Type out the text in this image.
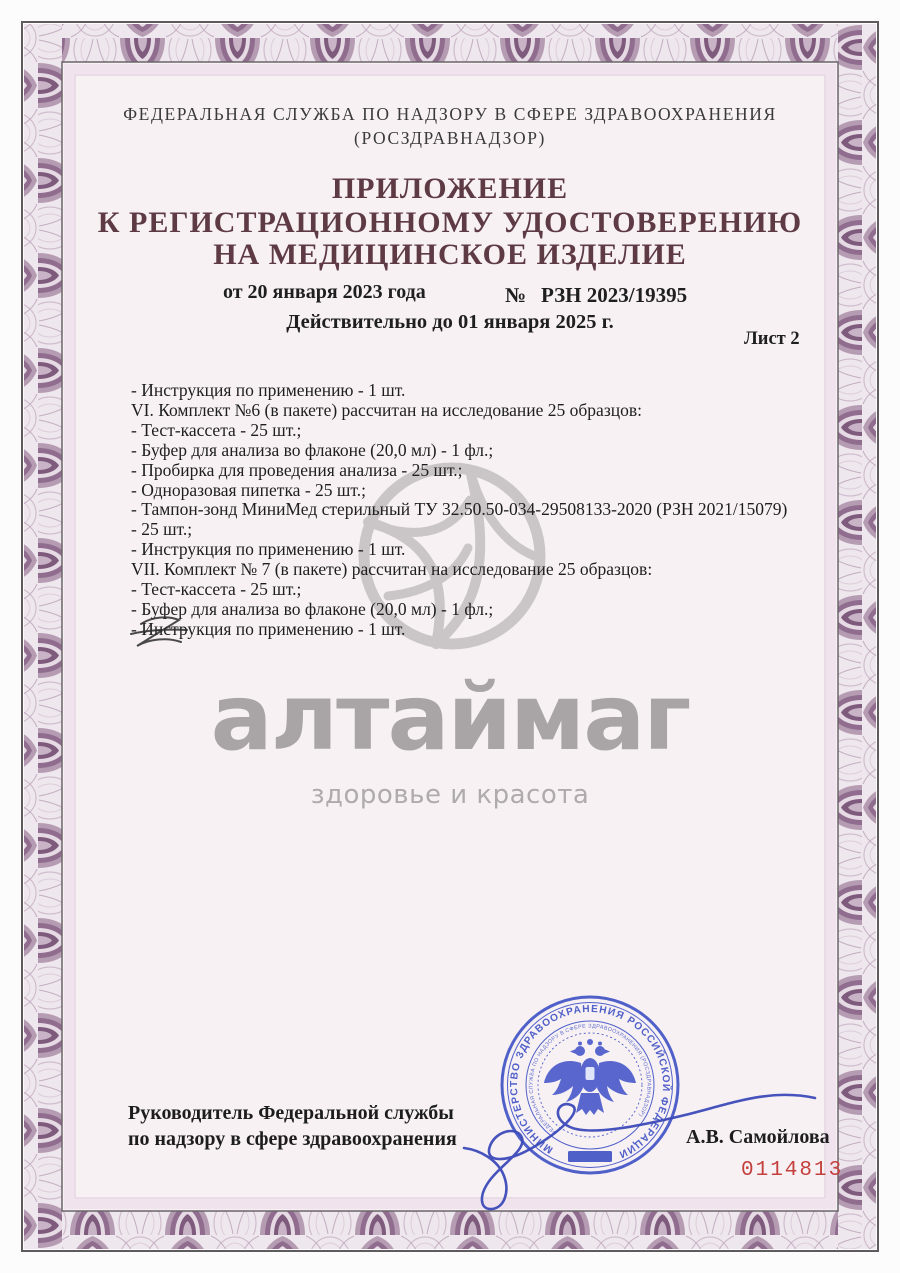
алтаймаг
здоровье и красота
ФЕДЕРАЛЬНАЯ СЛУЖБА ПО НАДЗОРУ В СФЕРЕ ЗДРАВООХРАНЕНИЯ
(РОСЗДРАВНАДЗОР)
ПРИЛОЖЕНИЕ
К РЕГИСТРАЦИОННОМУ УДОСТОВЕРЕНИЮ
НА МЕДИЦИНСКОЕ ИЗДЕЛИЕ
от 20 января 2023 года	№ РЗН 2023/19395
Действительно до 01 января 2025 г.
Лист 2
- Инструкция по применению - 1 шт.
VI. Комплект №6 (в пакете) рассчитан на исследование 25 образцов:
- Тест-кассета - 25 шт.;
- Буфер для анализа во флаконе (20,0 мл) - 1 фл.;
- Пробирка для проведения анализа - 25 шт.;
- Одноразовая пипетка - 25 шт.;
- Тампон-зонд МиниМед стерильный ТУ 32.50.50-034-29508133-2020 (РЗН 2021/15079)
- 25 шт.;
- Инструкция по применению - 1 шт.
VII. Комплект № 7 (в пакете) рассчитан на исследование 25 образцов:
- Тест-кассета - 25 шт.;
- Буфер для анализа во флаконе (20,0 мл) - 1 фл.;
- Инструкция по применению - 1 шт.
МИНИСТЕРСТВО ЗДРАВООХРАНЕНИЯ РОССИЙСКОЙ ФЕДЕРАЦИИ
ФЕДЕРАЛЬНАЯ СЛУЖБА ПО НАДЗОРУ В СФЕРЕ ЗДРАВООХРАНЕНИЯ (РОСЗДРАВНАДЗОР)
Руководитель Федеральной службы
по надзору в сфере здравоохранения	А.В. Самойлова
0114813
